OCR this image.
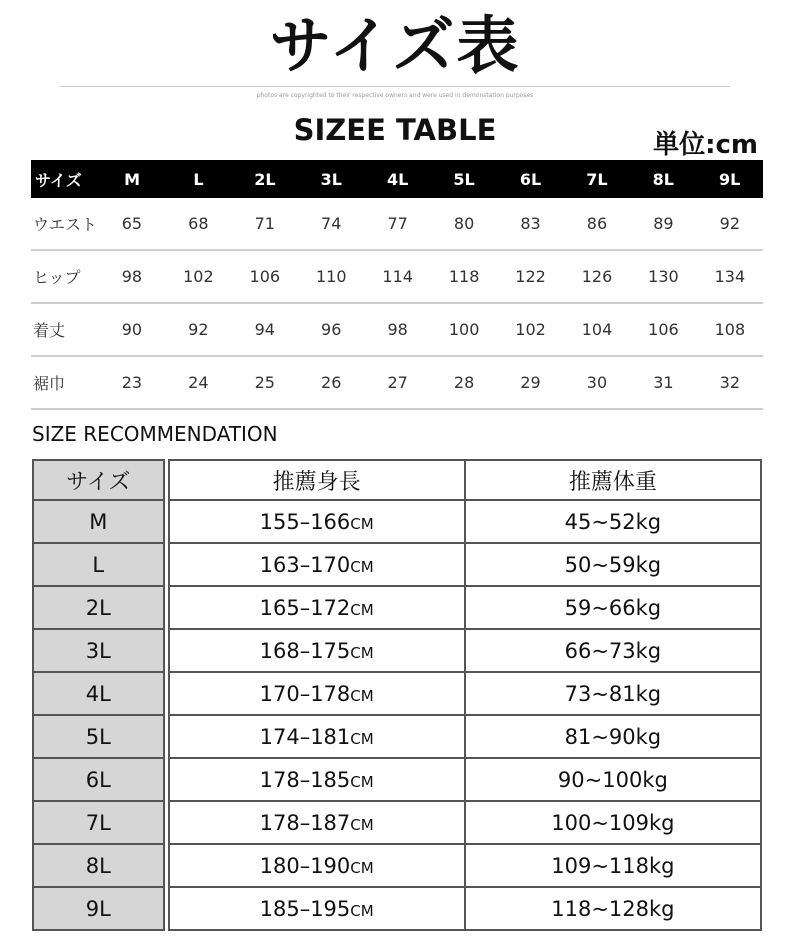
サイズ表
photos are copyrighted to their respective owners and were used in demonstation purposes
SIZEE TABLE	単位:cm
サイズ	M	L	2L	3L	4L	5L	6L	7L	8L	9L
ウエスト	65	68	71	74	77	80	83	86	89	92
ヒップ	98	102	106	110	114	118	122	126	130	134
着丈	90	92	94	96	98	100	102	104	106	108
裾巾	23	24	25	26	27	28	29	30	31	32
SIZE RECOMMENDATION
サイズ		推薦身長	推薦体重
M		155–166CM	45~52kg
L		163–170CM	50~59kg
2L		165–172CM	59~66kg
3L		168–175CM	66~73kg
4L		170–178CM	73~81kg
5L		174–181CM	81~90kg
6L		178–185CM	90~100kg
7L		178–187CM	100~109kg
8L		180–190CM	109~118kg
9L		185–195CM	118~128kg
